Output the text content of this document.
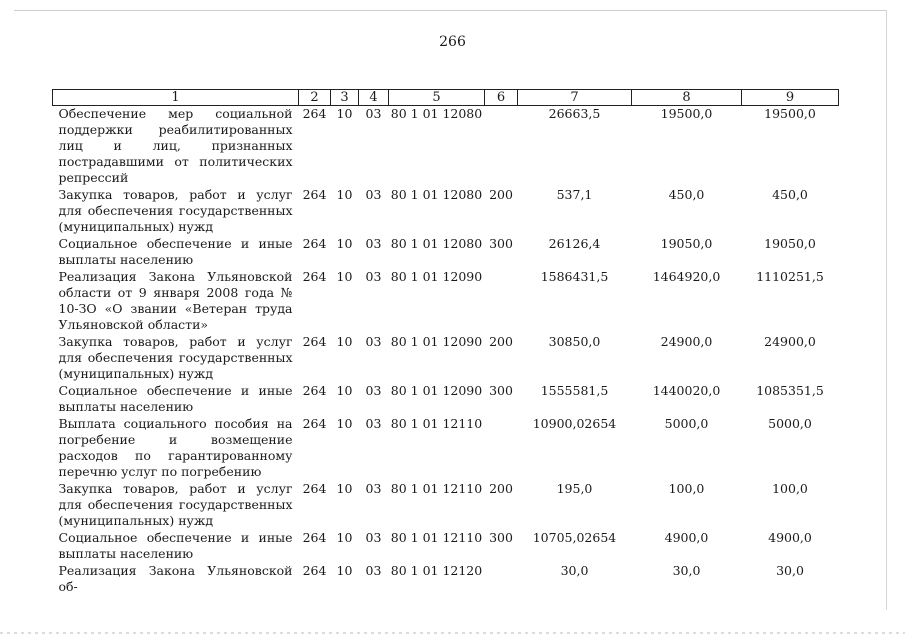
266
1	2	3	4	5	6	7	8	9
Обеспечение мер социальной поддержки реабилитированных лиц и лиц, признанных пострадавшими от политических репрессий	264	10	03	80 1 01 12080		26663,5	19500,0	19500,0
Закупка товаров, работ и услуг для обеспечения государственных (муниципальных) нужд	264	10	03	80 1 01 12080	200	537,1	450,0	450,0
Социальное обеспечение и иные выплаты населению	264	10	03	80 1 01 12080	300	26126,4	19050,0	19050,0
Реализация Закона Ульяновской области от 9 января 2008 года № 10-ЗО «О звании «Ветеран труда Ульяновской области»	264	10	03	80 1 01 12090		1586431,5	1464920,0	1110251,5
Закупка товаров, работ и услуг для обеспечения государственных (муниципальных) нужд	264	10	03	80 1 01 12090	200	30850,0	24900,0	24900,0
Социальное обеспечение и иные выплаты населению	264	10	03	80 1 01 12090	300	1555581,5	1440020,0	1085351,5
Выплата социального пособия на погребение и возмещение расходов по гарантированному перечню услуг по погребению	264	10	03	80 1 01 12110		10900,02654	5000,0	5000,0
Закупка товаров, работ и услуг для обеспечения государственных (муниципальных) нужд	264	10	03	80 1 01 12110	200	195,0	100,0	100,0
Социальное обеспечение и иные выплаты населению	264	10	03	80 1 01 12110	300	10705,02654	4900,0	4900,0
Реализация Закона Ульяновской об-	264	10	03	80 1 01 12120		30,0	30,0	30,0
